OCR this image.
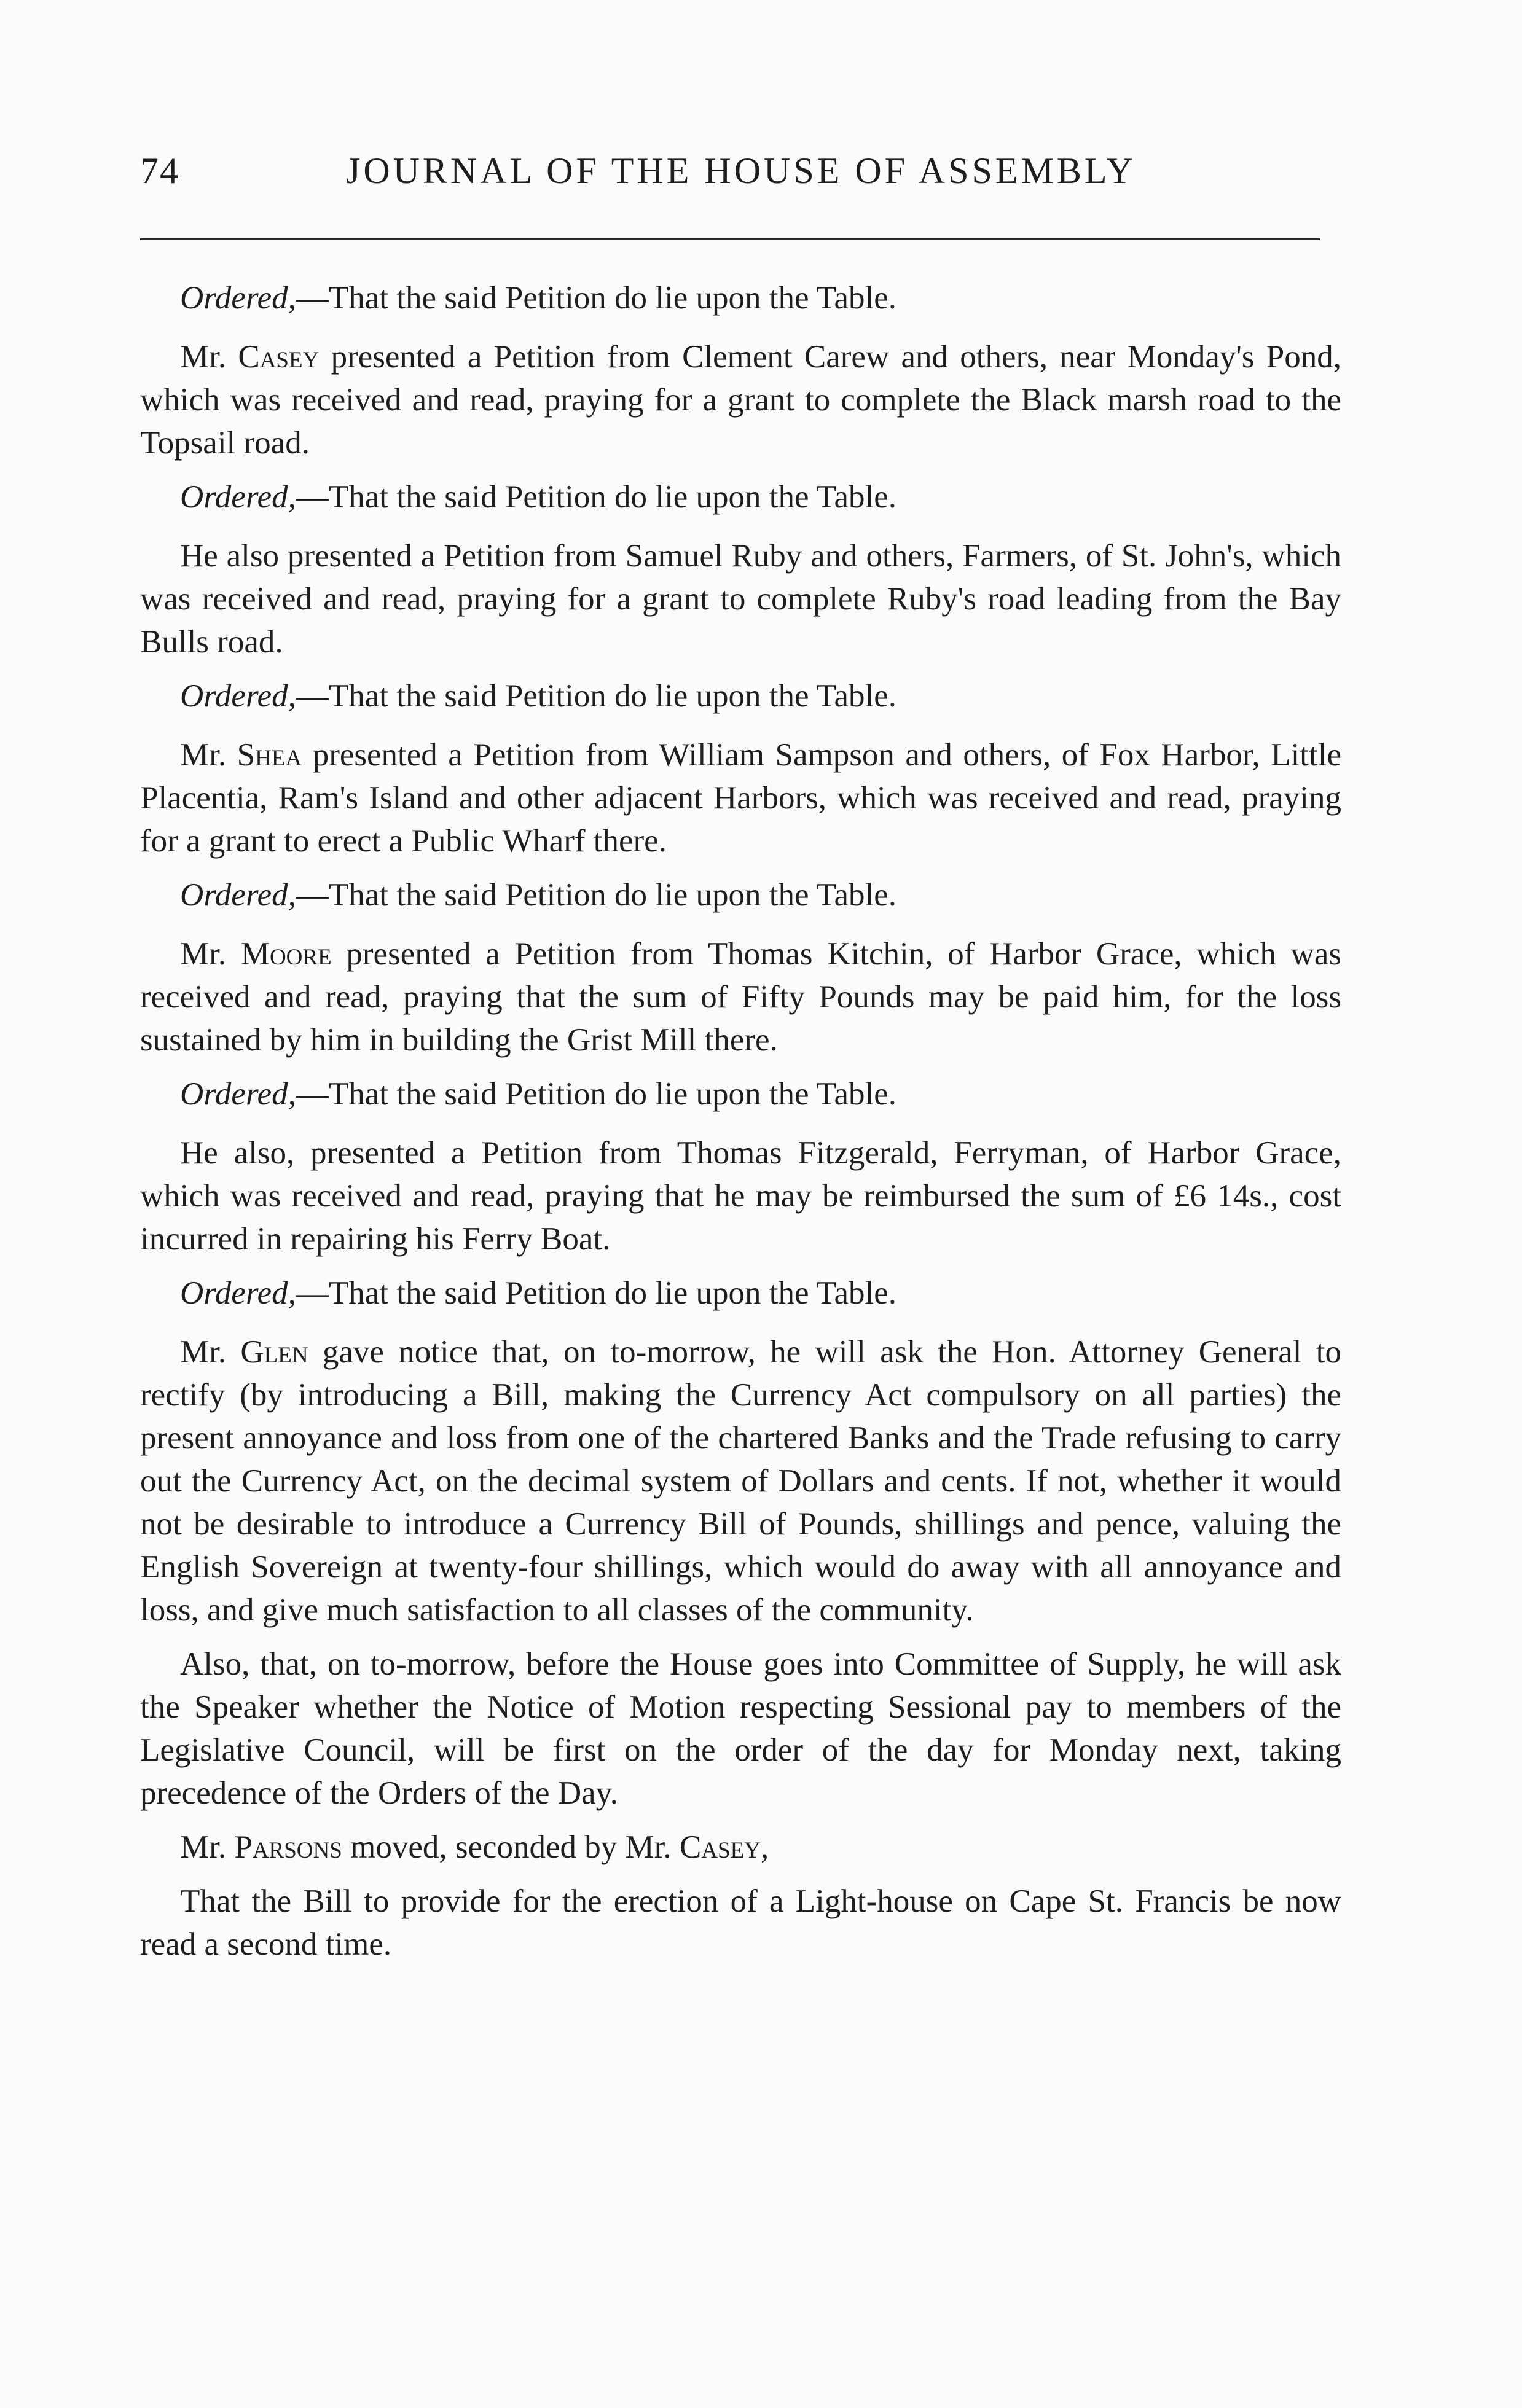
74	JOURNAL OF THE HOUSE OF ASSEMBLY

Ordered,—That the said Petition do lie upon the Table.

Mr. Casey presented a Petition from Clement Carew and others, near Monday's Pond, which was received and read, praying for a grant to complete the Black marsh road to the Topsail road.

Ordered,—That the said Petition do lie upon the Table.

He also presented a Petition from Samuel Ruby and others, Farmers, of St. John's, which was received and read, praying for a grant to complete Ruby's road leading from the Bay Bulls road.

Ordered,—That the said Petition do lie upon the Table.

Mr. Shea presented a Petition from William Sampson and others, of Fox Harbor, Little Placentia, Ram's Island and other adjacent Harbors, which was received and read, praying for a grant to erect a Public Wharf there.

Ordered,—That the said Petition do lie upon the Table.

Mr. Moore presented a Petition from Thomas Kitchin, of Harbor Grace, which was received and read, praying that the sum of Fifty Pounds may be paid him, for the loss sustained by him in building the Grist Mill there.

Ordered,—That the said Petition do lie upon the Table.

He also, presented a Petition from Thomas Fitzgerald, Ferryman, of Harbor Grace, which was received and read, praying that he may be reimbursed the sum of £6 14s., cost incurred in repairing his Ferry Boat.

Ordered,—That the said Petition do lie upon the Table.

Mr. Glen gave notice that, on to-morrow, he will ask the Hon. Attorney General to rectify (by introducing a Bill, making the Currency Act compulsory on all parties) the present annoyance and loss from one of the chartered Banks and the Trade refusing to carry out the Currency Act, on the decimal system of Dollars and cents. If not, whether it would not be desirable to introduce a Currency Bill of Pounds, shillings and pence, valuing the English Sovereign at twenty-four shillings, which would do away with all annoyance and loss, and give much satisfaction to all classes of the community.

Also, that, on to-morrow, before the House goes into Committee of Supply, he will ask the Speaker whether the Notice of Motion respecting Sessional pay to members of the Legislative Council, will be first on the order of the day for Monday next, taking precedence of the Orders of the Day.

Mr. Parsons moved, seconded by Mr. Casey,

That the Bill to provide for the erection of a Light-house on Cape St. Francis be now read a second time.
